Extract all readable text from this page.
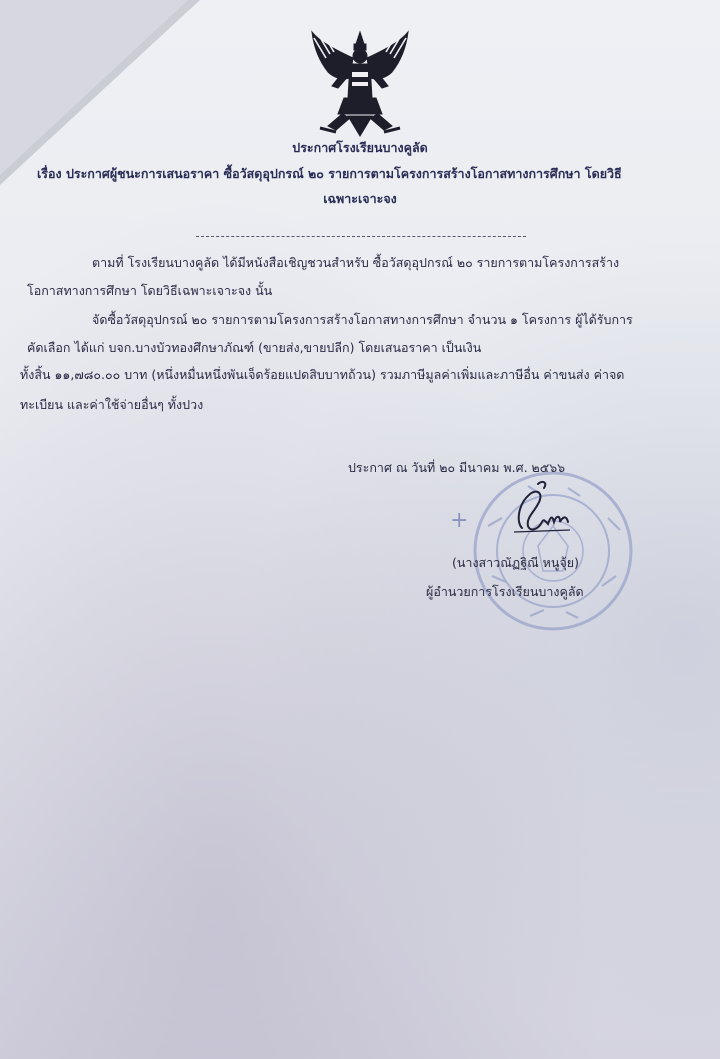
ประกาศโรงเรียนบางคูลัด
เรื่อง ประกาศผู้ชนะการเสนอราคา ซื้อวัสดุอุปกรณ์ ๒๐ รายการตามโครงการสร้างโอกาสทางการศึกษา โดยวิธี
เฉพาะเจาะจง
ตามที่ โรงเรียนบางคูลัด ได้มีหนังสือเชิญชวนสำหรับ ซื้อวัสดุอุปกรณ์ ๒๐ รายการตามโครงการสร้าง
โอกาสทางการศึกษา โดยวิธีเฉพาะเจาะจง นั้น
จัดซื้อวัสดุอุปกรณ์ ๒๐ รายการตามโครงการสร้างโอกาสทางการศึกษา จำนวน ๑ โครงการ ผู้ได้รับการ
คัดเลือก ได้แก่ บจก.บางบัวทองศึกษาภัณฑ์ (ขายส่ง,ขายปลีก) โดยเสนอราคา เป็นเงิน
ทั้งสิ้น ๑๑,๗๘๐.๐๐ บาท (หนึ่งหมื่นหนึ่งพันเจ็ดร้อยแปดสิบบาทถ้วน) รวมภาษีมูลค่าเพิ่มและภาษีอื่น ค่าขนส่ง ค่าจด
ทะเบียน และค่าใช้จ่ายอื่นๆ ทั้งปวง
+
ประกาศ ณ วันที่ ๒๐ มีนาคม พ.ศ. ๒๕๖๖
(นางสาวณัฏฐิณี หนูจุ้ย)
ผู้อำนวยการโรงเรียนบางคูลัด
